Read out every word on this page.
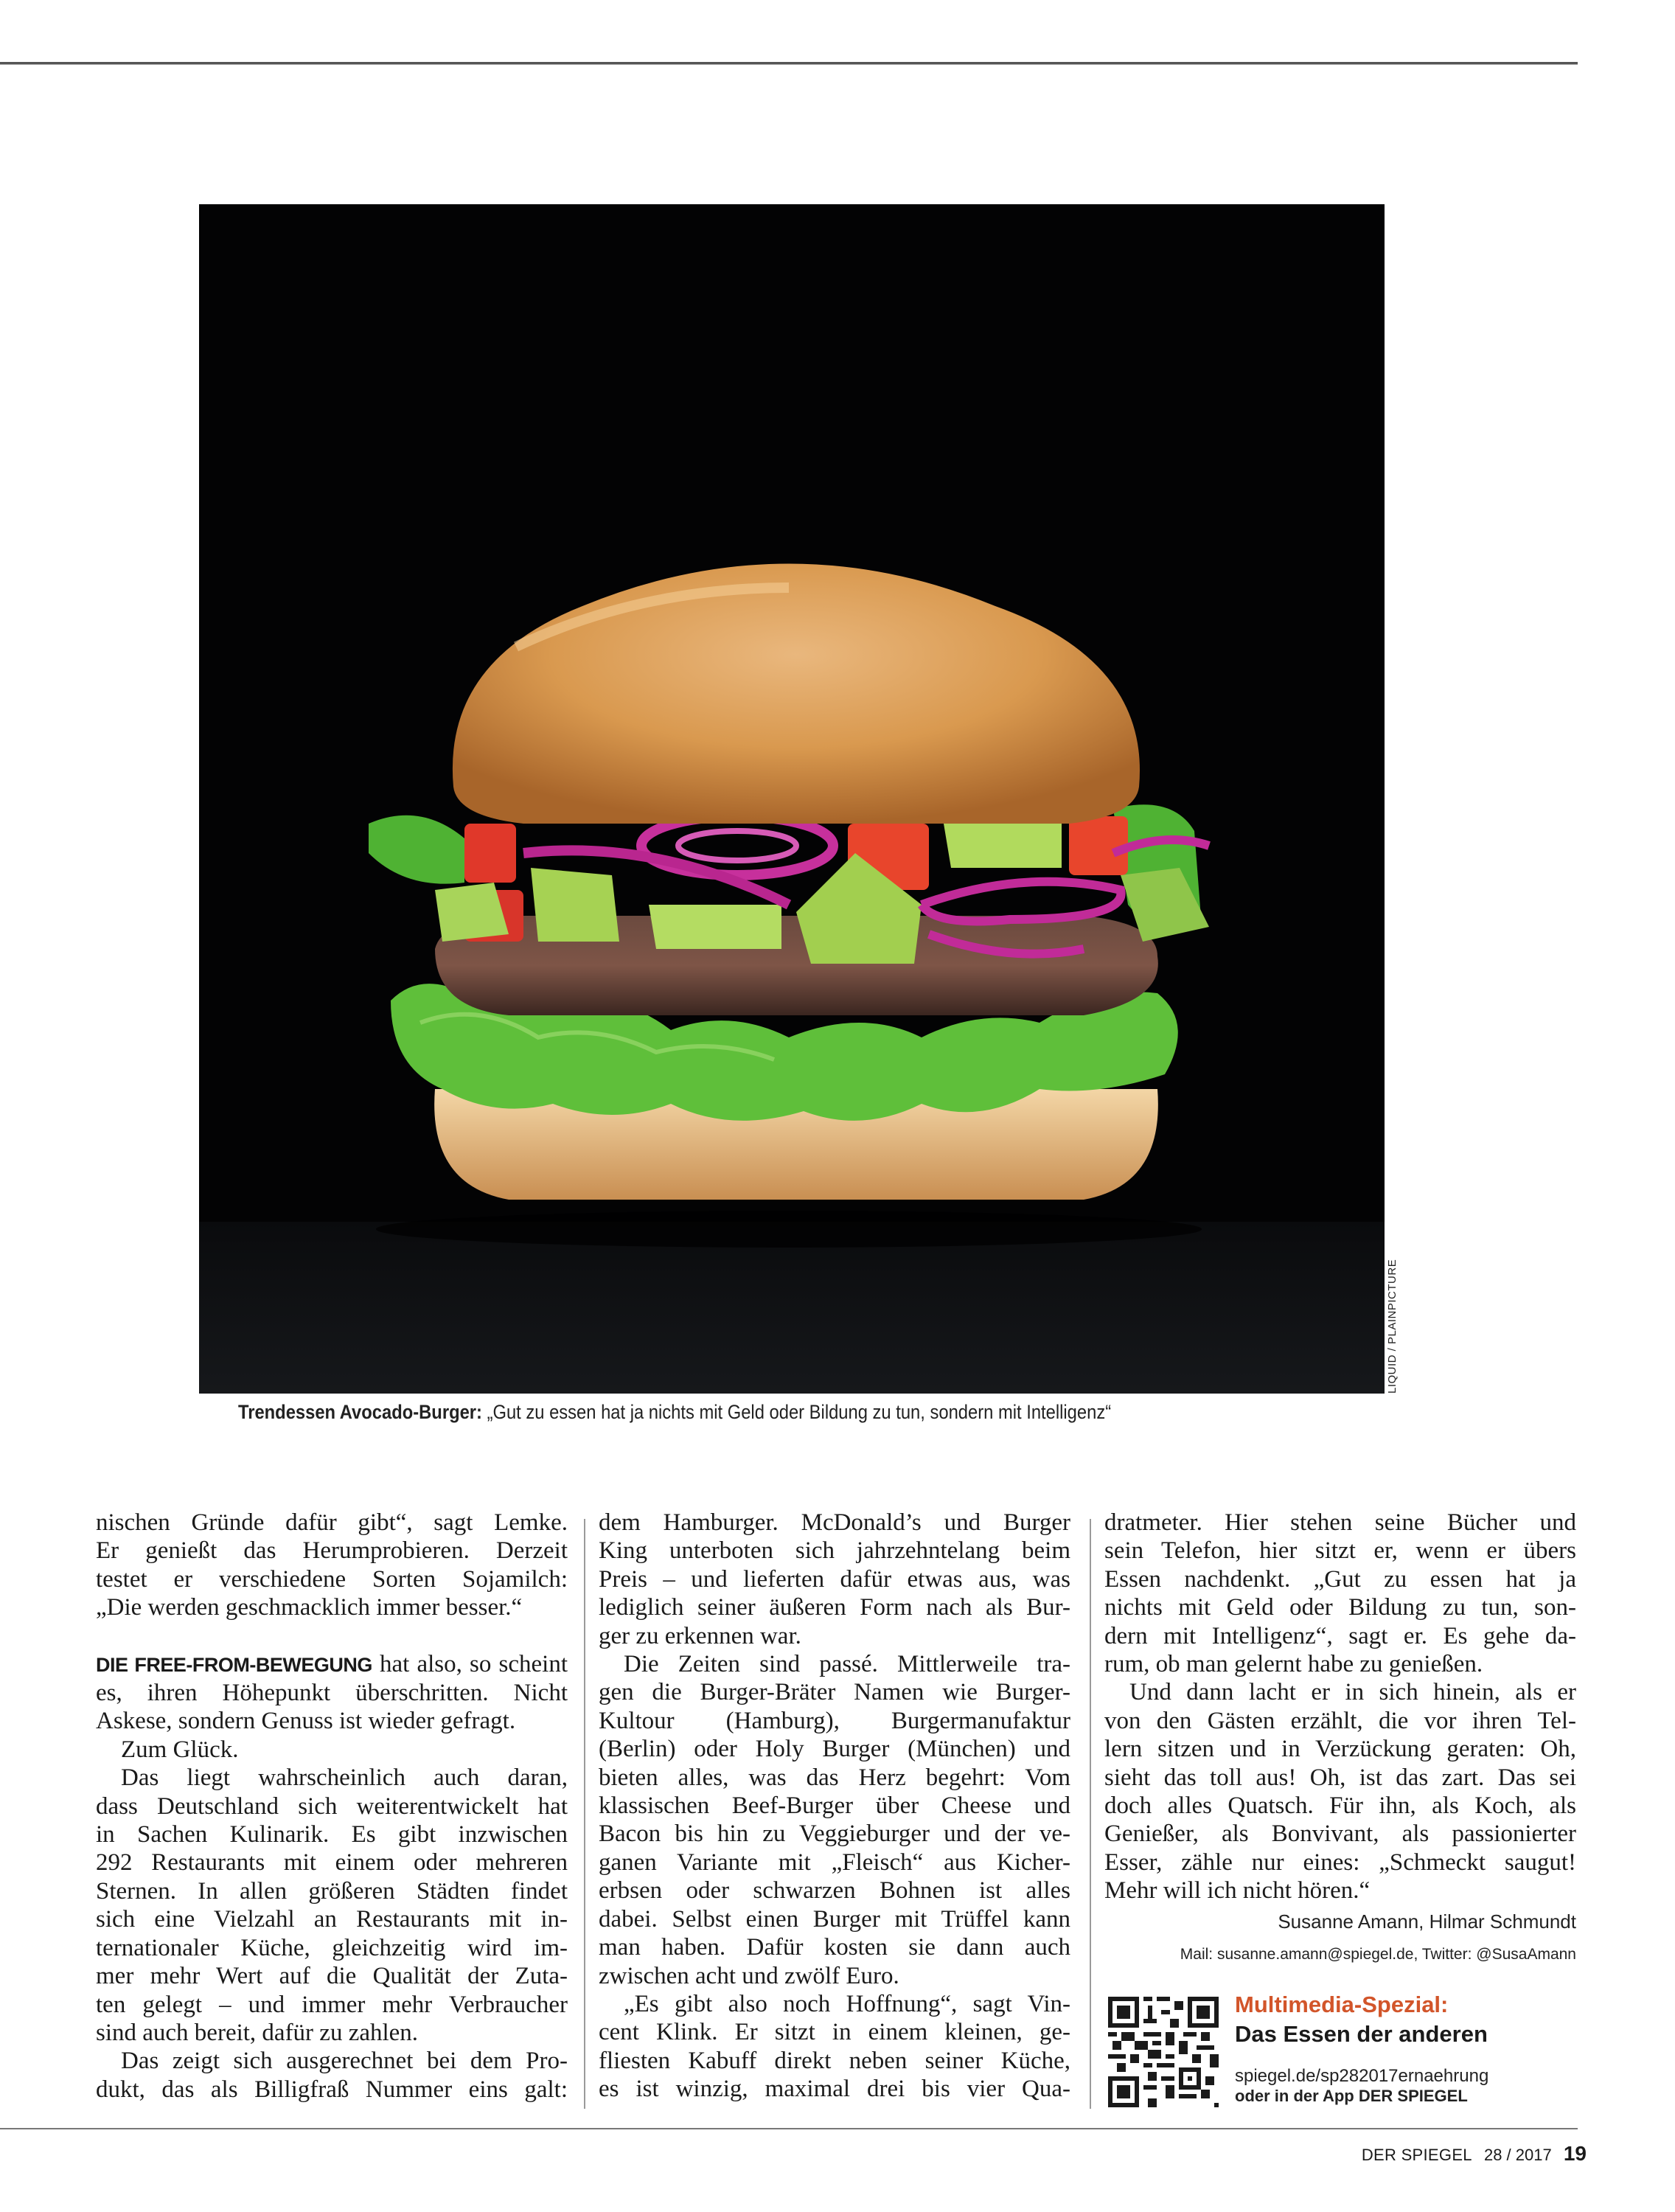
LIQUID / PLAINPICTURE
Trendessen Avocado-Burger: „Gut zu essen hat ja nichts mit Geld oder Bildung zu tun, sondern mit Intelligenz“

nischen Gründe dafür gibt“, sagt Lemke.
Er genießt das Herumprobieren. Derzeit
testet er verschiedene Sorten Sojamilch:
„Die werden geschmacklich immer besser.“

DIE FREE-FROM-BEWEGUNG hat also, so scheint
es, ihren Höhepunkt überschritten. Nicht
Askese, sondern Genuss ist wieder gefragt.

Zum Glück.

Das liegt wahrscheinlich auch daran,
dass Deutschland sich weiterentwickelt hat
in Sachen Kulinarik. Es gibt inzwischen
292 Restaurants mit einem oder mehreren
Sternen. In allen größeren Städten findet
sich eine Vielzahl an Restaurants mit in-
ternationaler Küche, gleichzeitig wird im-
mer mehr Wert auf die Qualität der Zuta-
ten gelegt – und immer mehr Verbraucher
sind auch bereit, dafür zu zahlen.

Das zeigt sich ausgerechnet bei dem Pro-
dukt, das als Billigfraß Nummer eins galt:

dem Hamburger. McDonald’s und Burger
King unterboten sich jahrzehntelang beim
Preis – und lieferten dafür etwas aus, was
lediglich seiner äußeren Form nach als Bur-
ger zu erkennen war.

Die Zeiten sind passé. Mittlerweile tra-
gen die Burger-Bräter Namen wie Burger-
Kultour (Hamburg), Burgermanufaktur
(Berlin) oder Holy Burger (München) und
bieten alles, was das Herz begehrt: Vom
klassischen Beef-Burger über Cheese und
Bacon bis hin zu Veggieburger und der ve-
ganen Variante mit „Fleisch“ aus Kicher-
erbsen oder schwarzen Bohnen ist alles
dabei. Selbst einen Burger mit Trüffel kann
man haben. Dafür kosten sie dann auch
zwischen acht und zwölf Euro.

„Es gibt also noch Hoffnung“, sagt Vin-
cent Klink. Er sitzt in einem kleinen, ge-
fliesten Kabuff direkt neben seiner Küche,
es ist winzig, maximal drei bis vier Qua-

dratmeter. Hier stehen seine Bücher und
sein Telefon, hier sitzt er, wenn er übers
Essen nachdenkt. „Gut zu essen hat ja
nichts mit Geld oder Bildung zu tun, son-
dern mit Intelligenz“, sagt er. Es gehe da-
rum, ob man gelernt habe zu genießen.

Und dann lacht er in sich hinein, als er
von den Gästen erzählt, die vor ihren Tel-
lern sitzen und in Verzückung geraten: Oh,
sieht das toll aus! Oh, ist das zart. Das sei
doch alles Quatsch. Für ihn, als Koch, als
Genießer, als Bonvivant, als passionierter
Esser, zähle nur eines: „Schmeckt saugut!
Mehr will ich nicht hören.“

Susanne Amann, Hilmar Schmundt
Mail: susanne.amann@spiegel.de, Twitter: @SusaAmann
Multimedia-Spezial:
Das Essen der anderen
spiegel.de/sp282017ernaehrung
oder in der App DER SPIEGEL
DER SPIEGEL 28 / 2017 19
